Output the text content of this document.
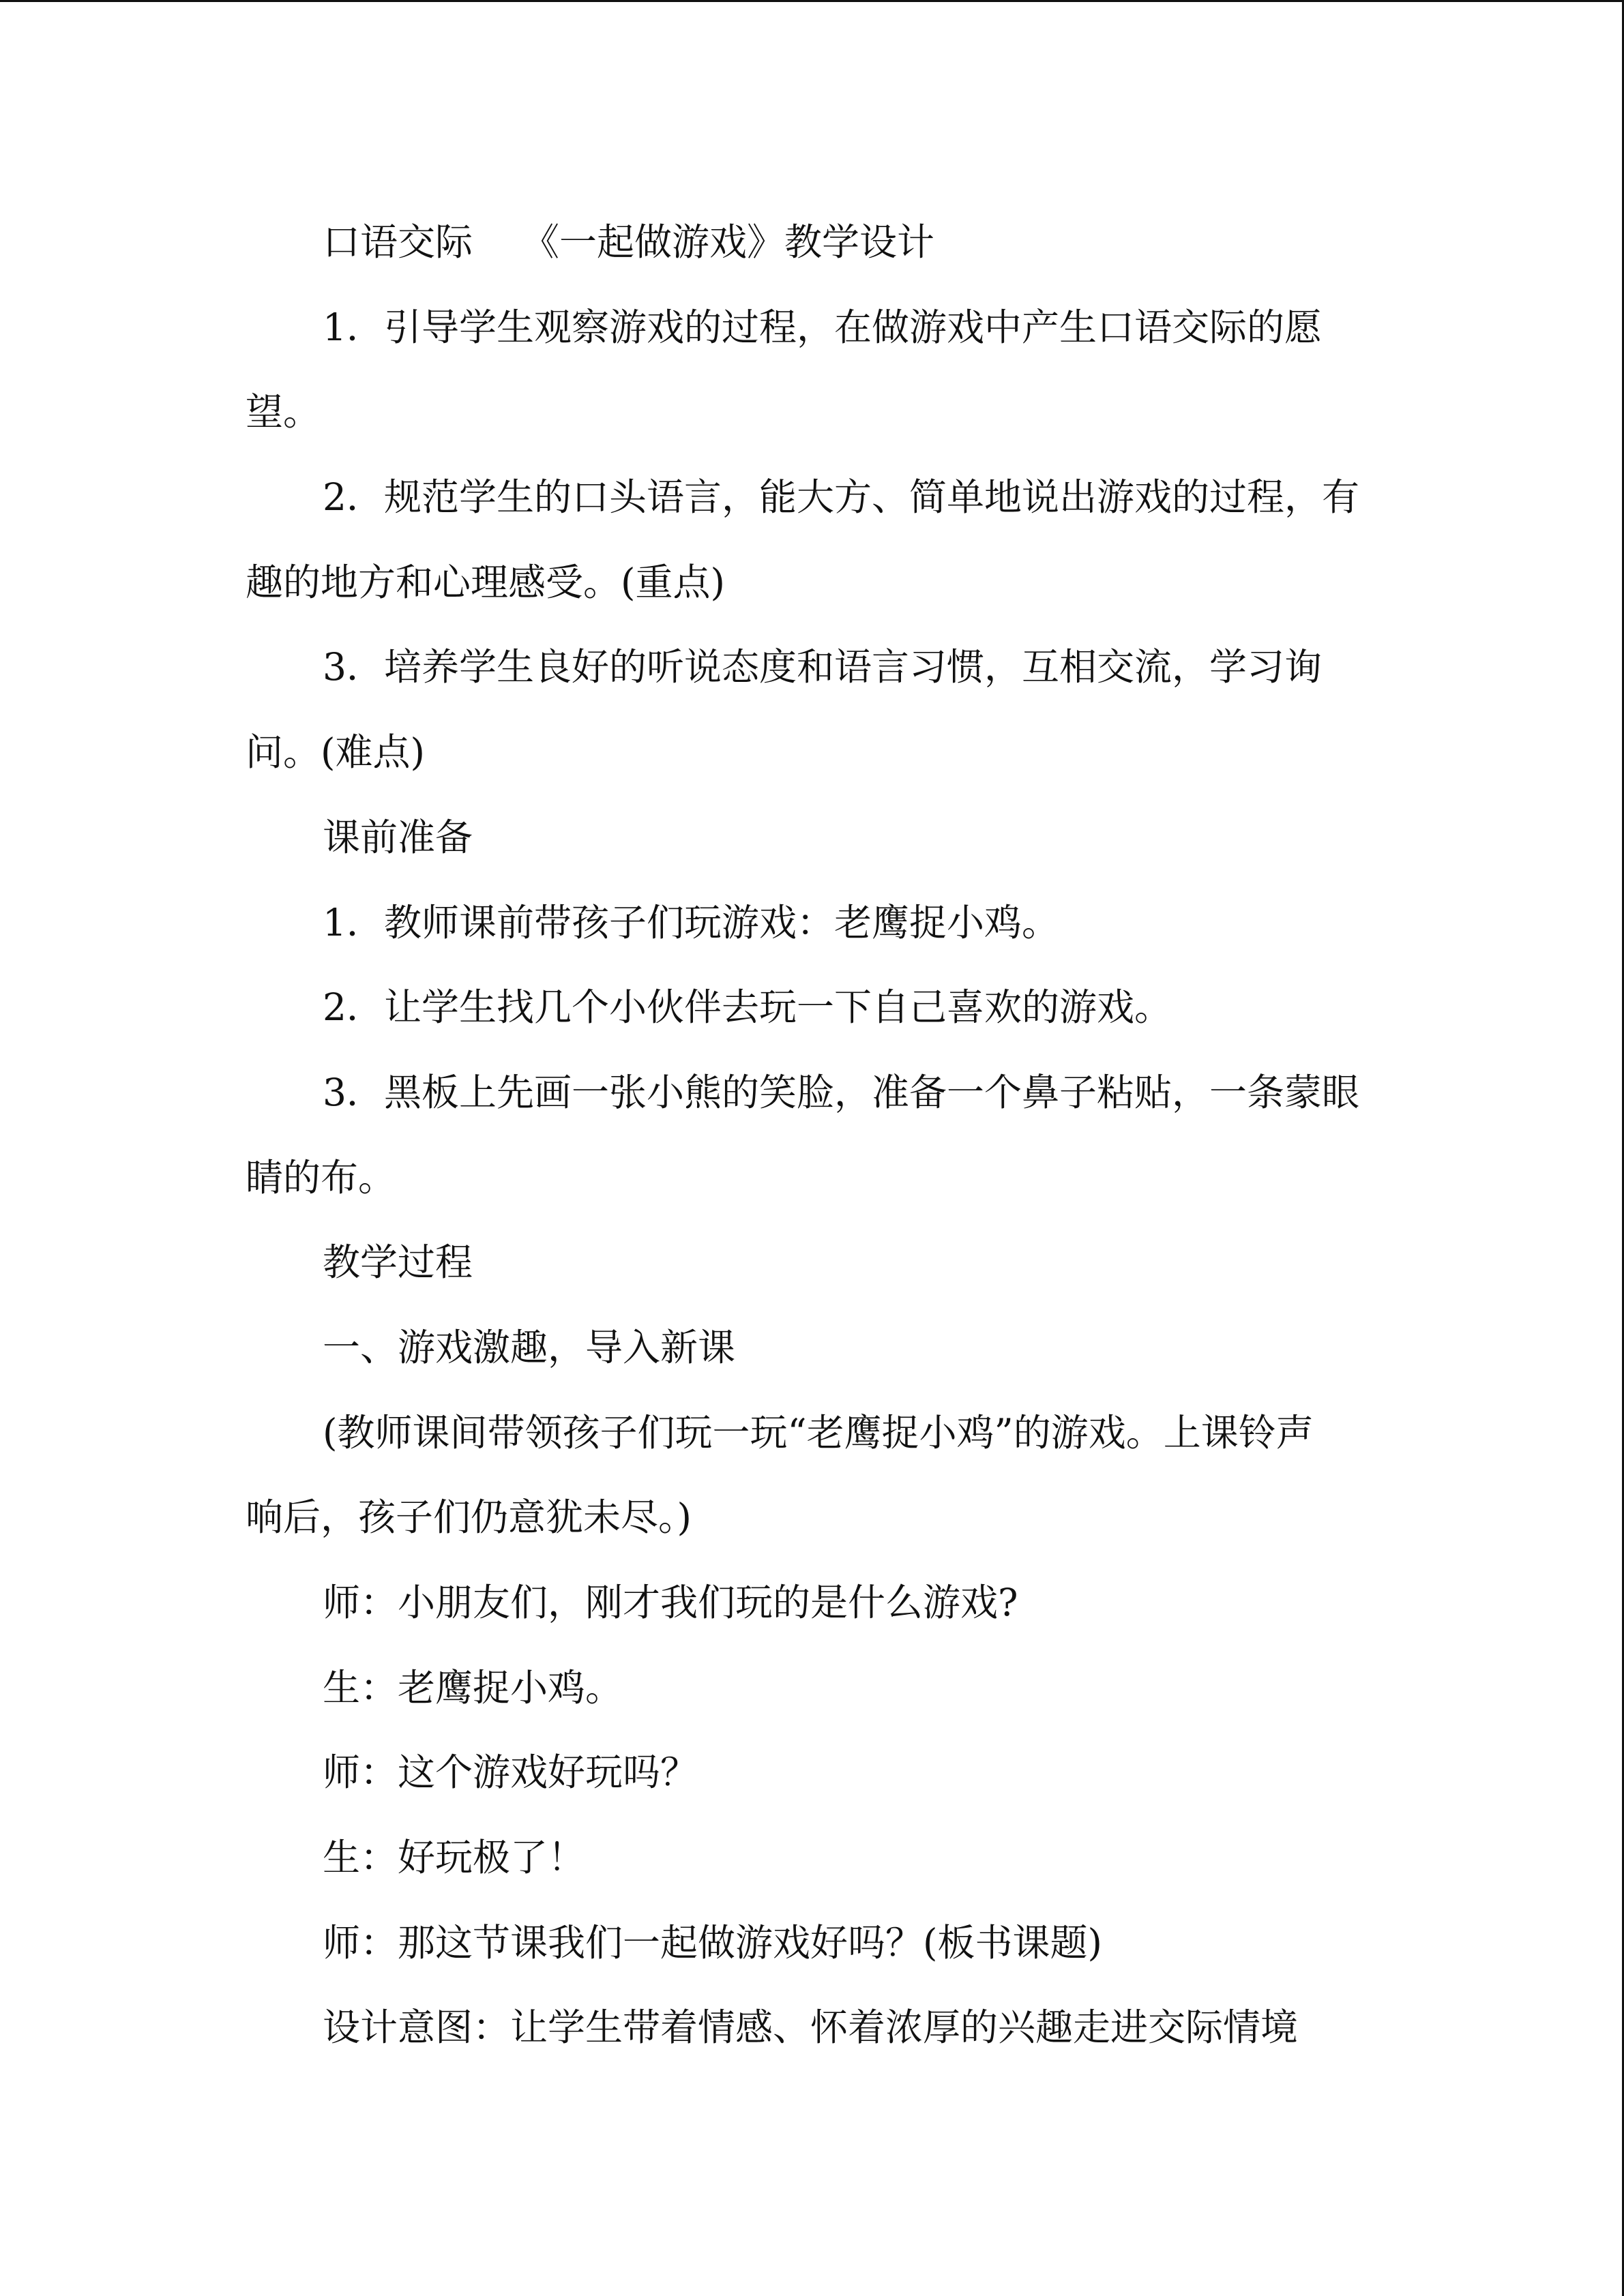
口语交际 《一起做游戏》教学设计
1．引导学生观察游戏的过程，在做游戏中产生口语交际的愿
望。
2．规范学生的口头语言，能大方、简单地说出游戏的过程，有
趣的地方和心理感受。(重点)
3．培养学生良好的听说态度和语言习惯，互相交流，学习询
问。(难点)
课前准备
1．教师课前带孩子们玩游戏：老鹰捉小鸡。
2．让学生找几个小伙伴去玩一下自己喜欢的游戏。
3．黑板上先画一张小熊的笑脸，准备一个鼻子粘贴，一条蒙眼
睛的布。
教学过程
一、游戏激趣，导入新课
(教师课间带领孩子们玩一玩“老鹰捉小鸡”的游戏。上课铃声
响后，孩子们仍意犹未尽。)
师：小朋友们，刚才我们玩的是什么游戏?
生：老鹰捉小鸡。
师：这个游戏好玩吗？
生：好玩极了！
师：那这节课我们一起做游戏好吗？(板书课题)
设计意图：让学生带着情感、怀着浓厚的兴趣走进交际情境
